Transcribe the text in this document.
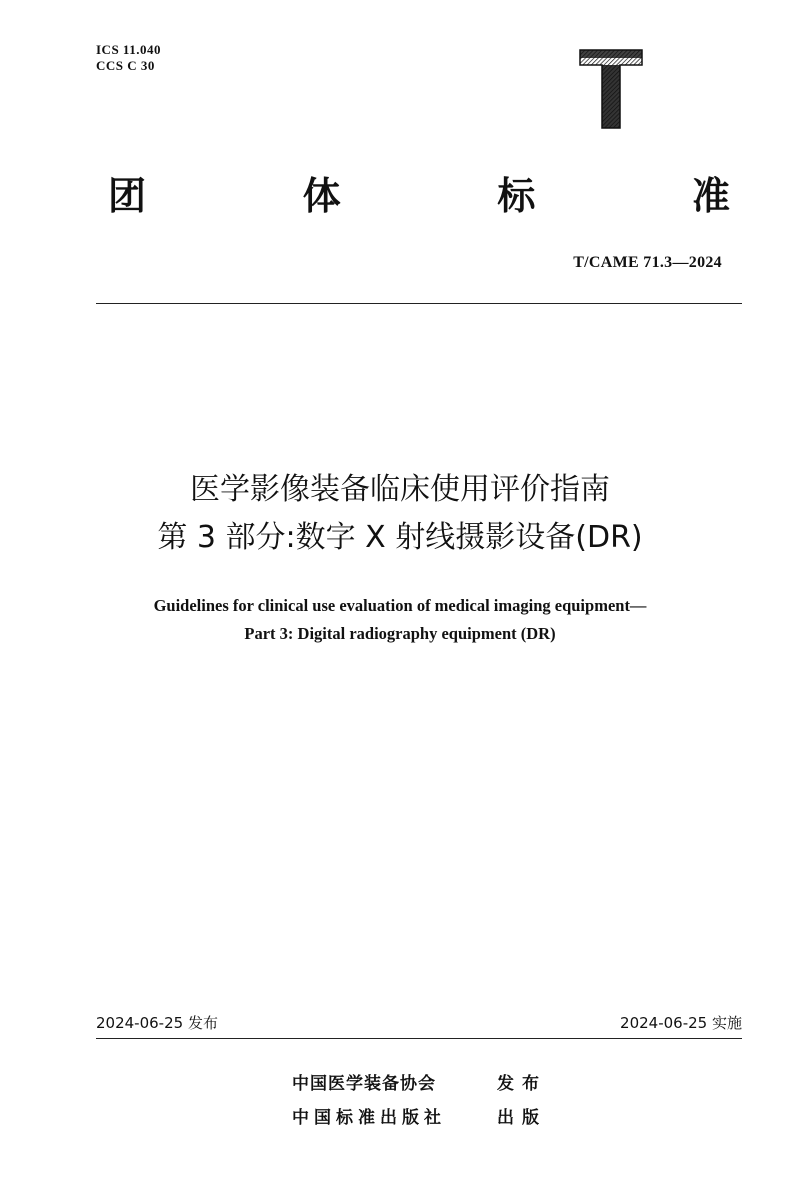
ICS 11.040
CCS C 30
团	体	标	准
T/CAME 71.3—2024
医学影像装备临床使用评价指南
第 3 部分:数字 X 射线摄影设备(DR)
Guidelines for clinical use evaluation of medical imaging equipment—
Part 3: Digital radiography equipment (DR)
2024-06-25 发布	2024-06-25 实施
中国医学装备协会	发布
中国标准出版社	出版
